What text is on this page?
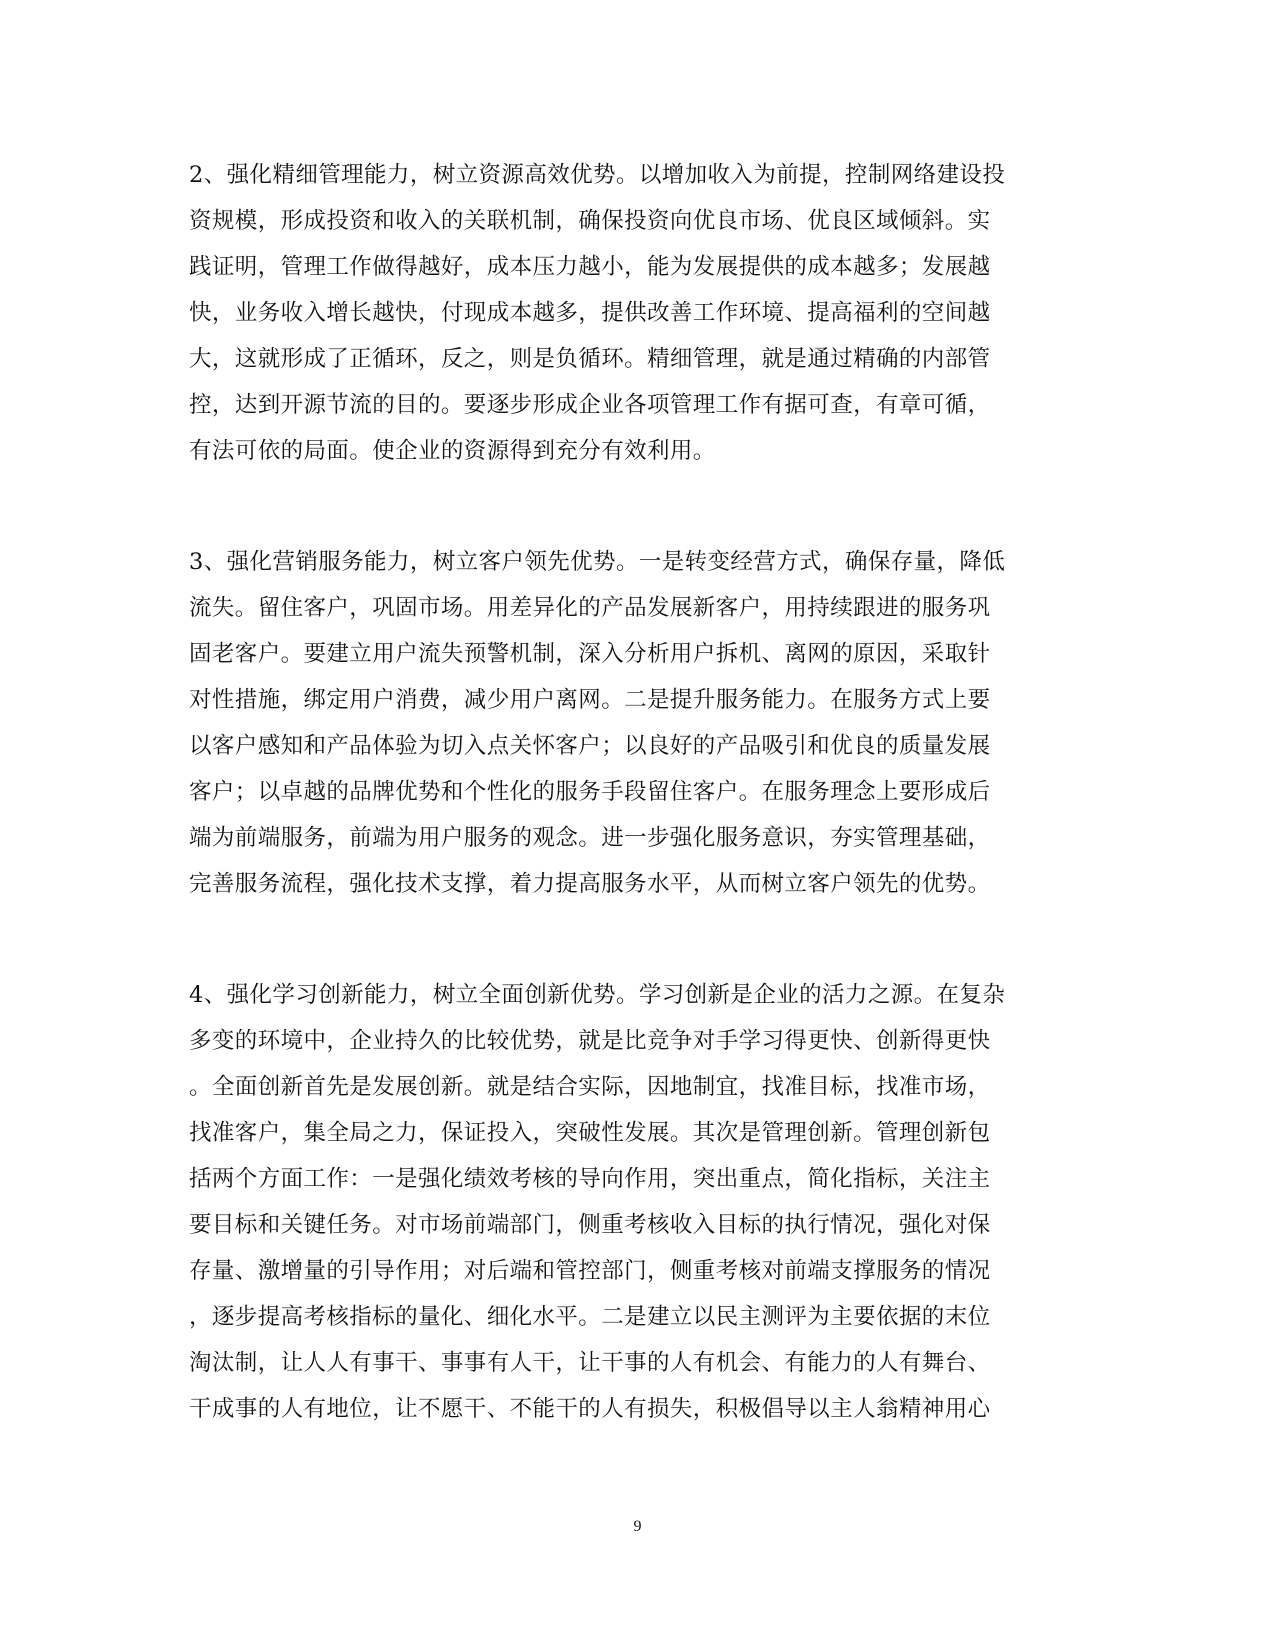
2、强化精细管理能力，树立资源高效优势。以增加收入为前提，控制网络建设投
资规模，形成投资和收入的关联机制，确保投资向优良市场、优良区域倾斜。实
践证明，管理工作做得越好，成本压力越小，能为发展提供的成本越多；发展越
快，业务收入增长越快，付现成本越多，提供改善工作环境、提高福利的空间越
大，这就形成了正循环，反之，则是负循环。精细管理，就是通过精确的内部管
控，达到开源节流的目的。要逐步形成企业各项管理工作有据可查，有章可循，
有法可依的局面。使企业的资源得到充分有效利用。
3、强化营销服务能力，树立客户领先优势。一是转变经营方式，确保存量，降低
流失。留住客户，巩固市场。用差异化的产品发展新客户，用持续跟进的服务巩
固老客户。要建立用户流失预警机制，深入分析用户拆机、离网的原因，采取针
对性措施，绑定用户消费，减少用户离网。二是提升服务能力。在服务方式上要
以客户感知和产品体验为切入点关怀客户；以良好的产品吸引和优良的质量发展
客户；以卓越的品牌优势和个性化的服务手段留住客户。在服务理念上要形成后
端为前端服务，前端为用户服务的观念。进一步强化服务意识，夯实管理基础，
完善服务流程，强化技术支撑，着力提高服务水平，从而树立客户领先的优势。
4、强化学习创新能力，树立全面创新优势。学习创新是企业的活力之源。在复杂
多变的环境中，企业持久的比较优势，就是比竞争对手学习得更快、创新得更快
。全面创新首先是发展创新。就是结合实际，因地制宜，找准目标，找准市场，
找准客户，集全局之力，保证投入，突破性发展。其次是管理创新。管理创新包
括两个方面工作：一是强化绩效考核的导向作用，突出重点，简化指标，关注主
要目标和关键任务。对市场前端部门，侧重考核收入目标的执行情况，强化对保
存量、激增量的引导作用；对后端和管控部门，侧重考核对前端支撑服务的情况
，逐步提高考核指标的量化、细化水平。二是建立以民主测评为主要依据的末位
淘汰制，让人人有事干、事事有人干，让干事的人有机会、有能力的人有舞台、
干成事的人有地位，让不愿干、不能干的人有损失，积极倡导以主人翁精神用心
9
